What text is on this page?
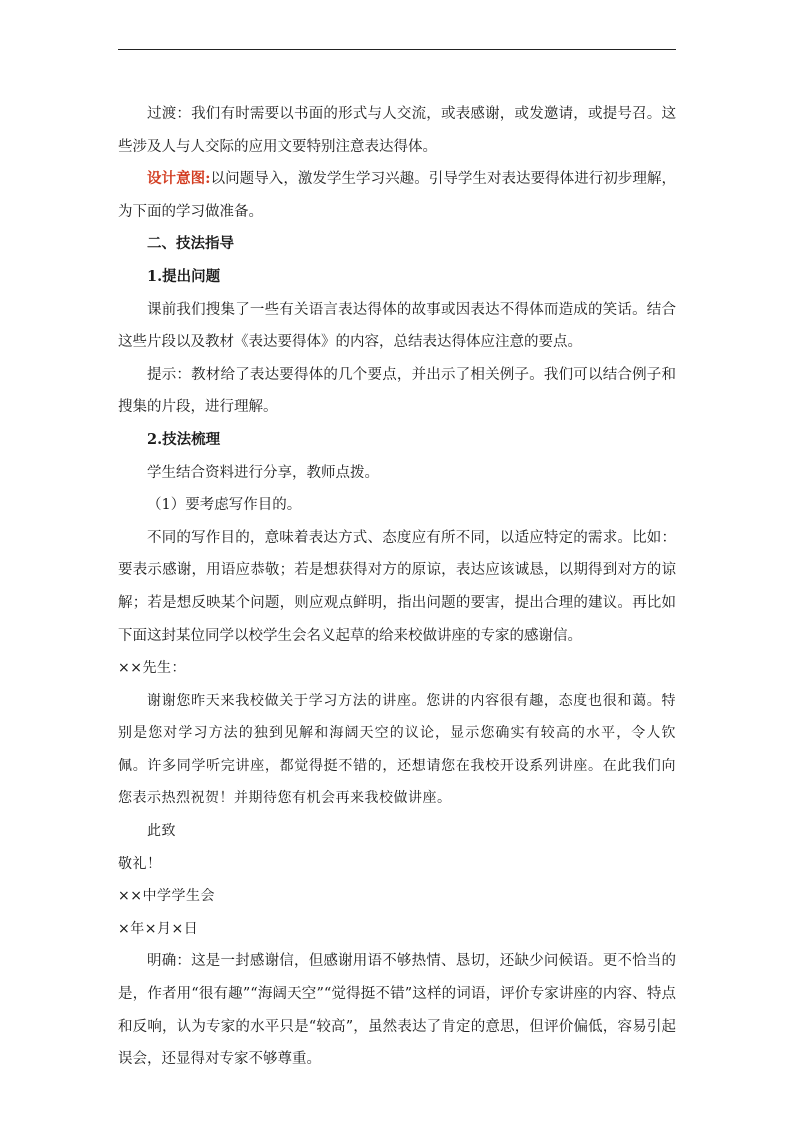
过渡：我们有时需要以书面的形式与人交流，或表感谢，或发邀请，或提号召。这些涉及人与人交际的应用文要特别注意表达得体。

设计意图:以问题导入，激发学生学习兴趣。引导学生对表达要得体进行初步理解，为下面的学习做准备。

二、技法指导

1.提出问题

课前我们搜集了一些有关语言表达得体的故事或因表达不得体而造成的笑话。结合这些片段以及教材《表达要得体》的内容，总结表达得体应注意的要点。

提示：教材给了表达要得体的几个要点，并出示了相关例子。我们可以结合例子和搜集的片段，进行理解。

2.技法梳理

学生结合资料进行分享，教师点拨。

（1）要考虑写作目的。

不同的写作目的，意味着表达方式、态度应有所不同，以适应特定的需求。比如：要表示感谢，用语应恭敬；若是想获得对方的原谅，表达应该诚恳，以期得到对方的谅解；若是想反映某个问题，则应观点鲜明，指出问题的要害，提出合理的建议。再比如下面这封某位同学以校学生会名义起草的给来校做讲座的专家的感谢信。

××先生：

谢谢您昨天来我校做关于学习方法的讲座。您讲的内容很有趣，态度也很和蔼。特别是您对学习方法的独到见解和海阔天空的议论，显示您确实有较高的水平，令人钦佩。许多同学听完讲座，都觉得挺不错的，还想请您在我校开设系列讲座。在此我们向您表示热烈祝贺！并期待您有机会再来我校做讲座。

此致

敬礼！

××中学学生会

×年×月×日

明确：这是一封感谢信，但感谢用语不够热情、恳切，还缺少问候语。更不恰当的是，作者用“很有趣”“海阔天空”“觉得挺不错”这样的词语，评价专家讲座的内容、特点和反响，认为专家的水平只是“较高”，虽然表达了肯定的意思，但评价偏低，容易引起误会，还显得对专家不够尊重。
